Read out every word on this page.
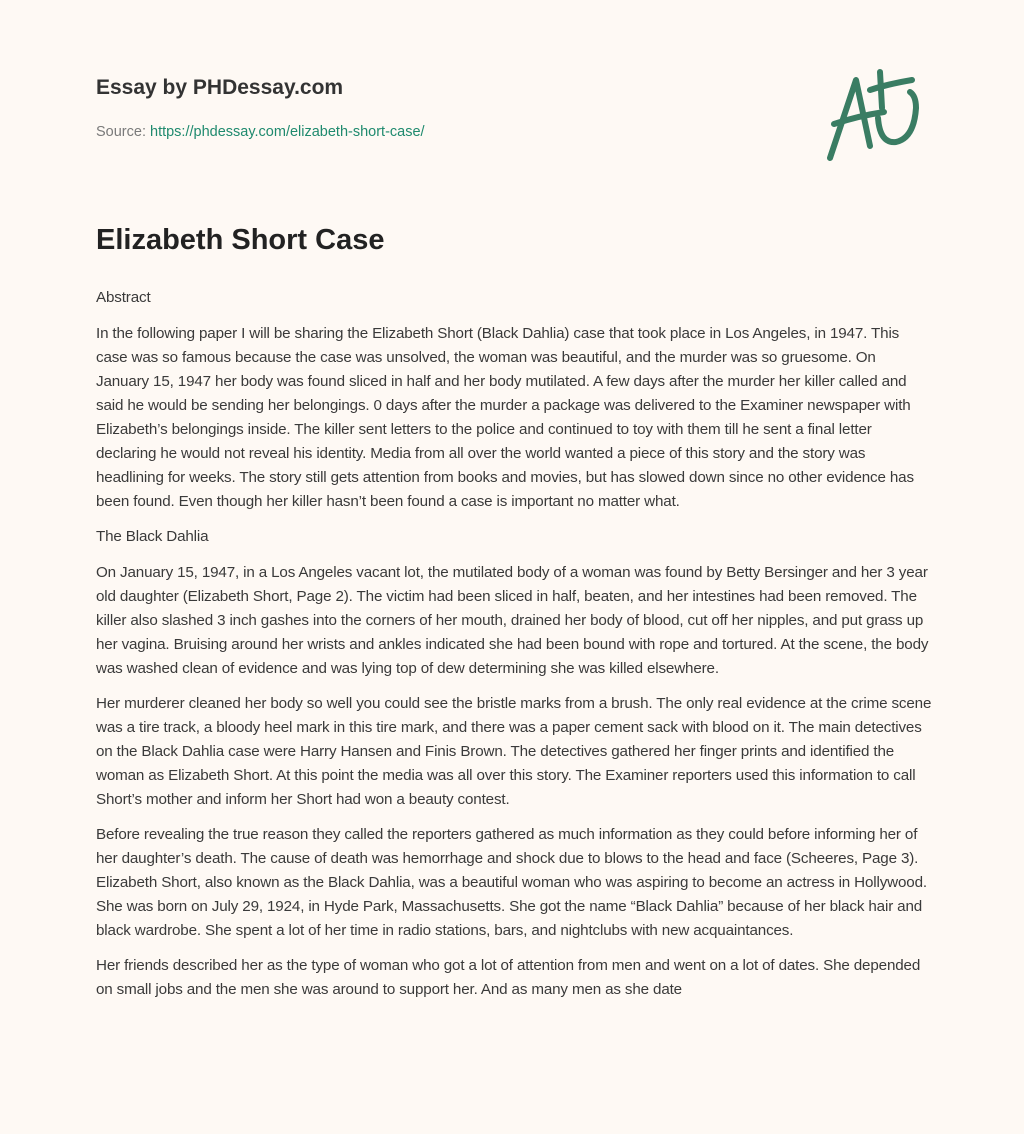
Essay by PHDessay.com
Source: https://phdessay.com/elizabeth-short-case/
Elizabeth Short Case

Abstract

In the following paper I will be sharing the Elizabeth Short (Black Dahlia) case that took place in Los Angeles, in 1947. This case was so famous because the case was unsolved, the woman was beautiful, and the murder was so gruesome. On January 15, 1947 her body was found sliced in half and her body mutilated. A few days after the murder her killer called and said he would be sending her belongings. 0 days after the murder a package was delivered to the Examiner newspaper with Elizabeth’s belongings inside. The killer sent letters to the police and continued to toy with them till he sent a final letter declaring he would not reveal his identity. Media from all over the world wanted a piece of this story and the story was headlining for weeks. The story still gets attention from books and movies, but has slowed down since no other evidence has been found. Even though her killer hasn’t been found a case is important no matter what.

The Black Dahlia

On January 15, 1947, in a Los Angeles vacant lot, the mutilated body of a woman was found by Betty Bersinger and her 3 year old daughter (Elizabeth Short, Page 2). The victim had been sliced in half, beaten, and her intestines had been removed. The killer also slashed 3 inch gashes into the corners of her mouth, drained her body of blood, cut off her nipples, and put grass up her vagina. Bruising around her wrists and ankles indicated she had been bound with rope and tortured. At the scene, the body was washed clean of evidence and was lying top of dew determining she was killed elsewhere.

Her murderer cleaned her body so well you could see the bristle marks from a brush. The only real evidence at the crime scene was a tire track, a bloody heel mark in this tire mark, and there was a paper cement sack with blood on it. The main detectives on the Black Dahlia case were Harry Hansen and Finis Brown. The detectives gathered her finger prints and identified the woman as Elizabeth Short. At this point the media was all over this story. The Examiner reporters used this information to call Short’s mother and inform her Short had won a beauty contest.

Before revealing the true reason they called the reporters gathered as much information as they could before informing her of her daughter’s death. The cause of death was hemorrhage and shock due to blows to the head and face (Scheeres, Page 3). Elizabeth Short, also known as the Black Dahlia, was a beautiful woman who was aspiring to become an actress in Hollywood. She was born on July 29, 1924, in Hyde Park, Massachusetts. She got the name “Black Dahlia” because of her black hair and black wardrobe. She spent a lot of her time in radio stations, bars, and nightclubs with new acquaintances.

Her friends described her as the type of woman who got a lot of attention from men and went on a lot of dates. She depended on small jobs and the men she was around to support her. And as many men as she date
